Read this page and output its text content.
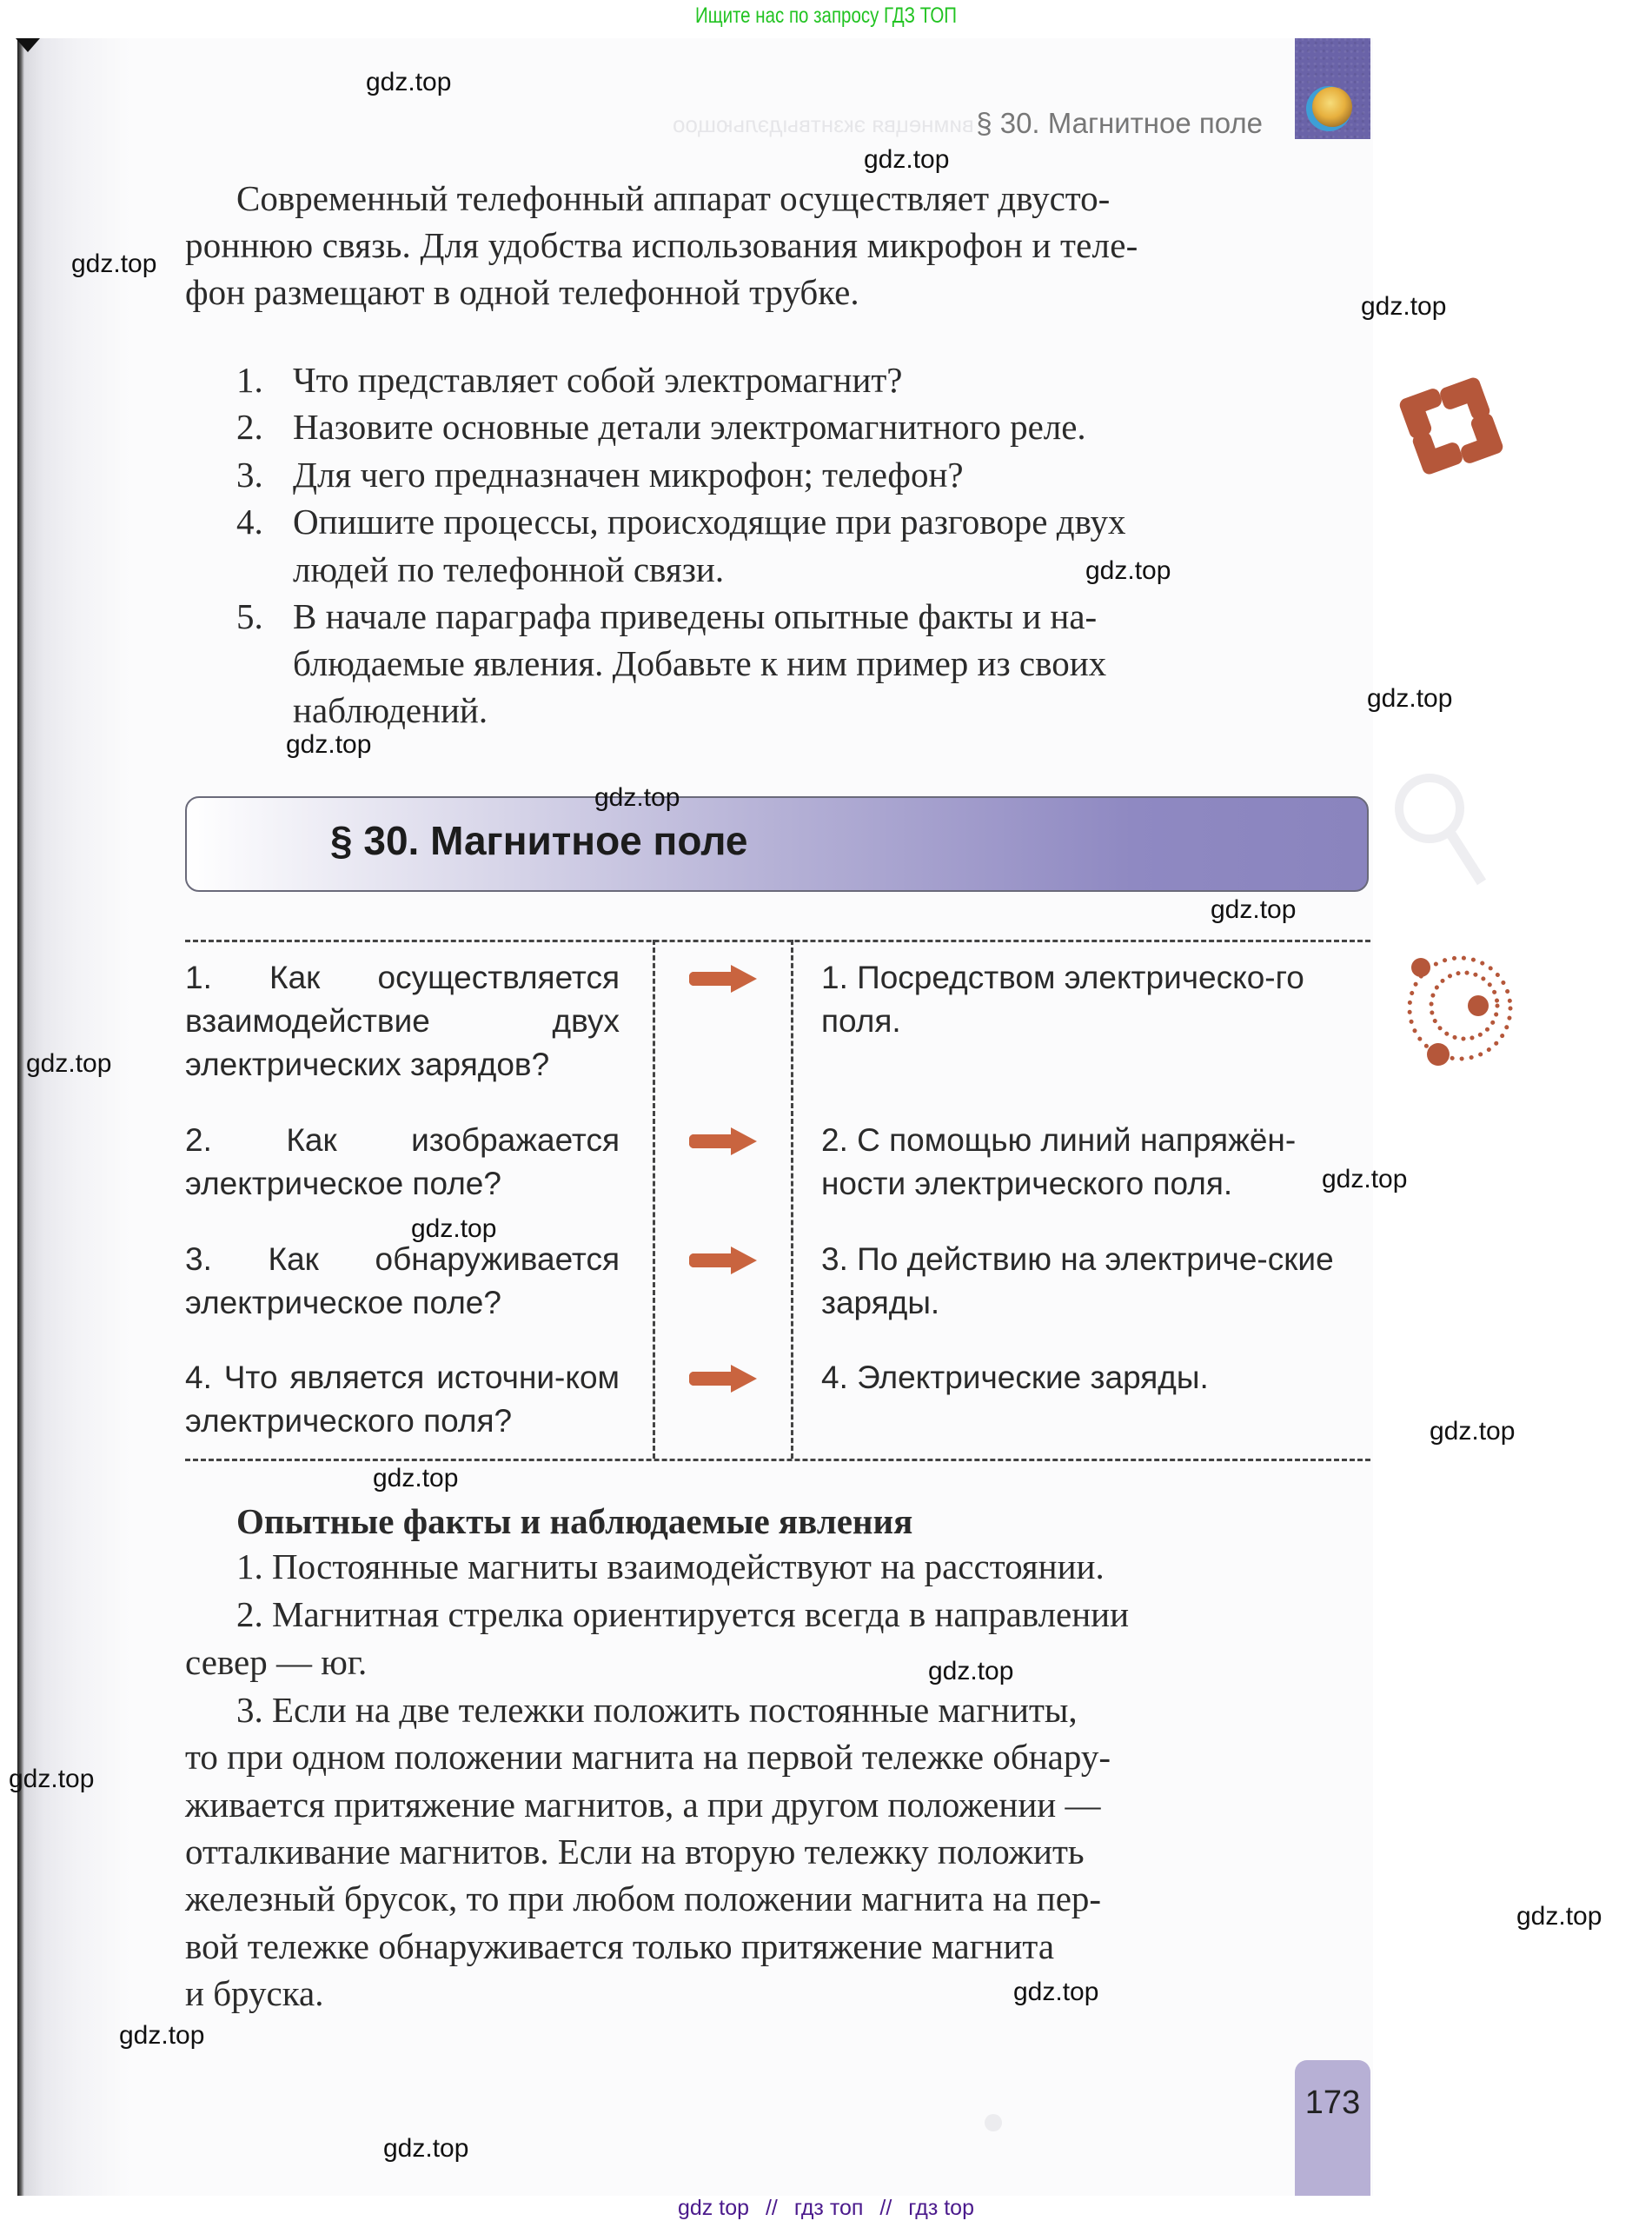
Ищите нас по запросу ГДЗ ТОП
вимнецвя экзнтвыдэльющоо § 30. Магнитное поле
Современный телефонный аппарат осуществляет двусто-
роннюю связь. Для удобства использования микрофон и теле-
фон размещают в одной телефонной трубке.
1. Что представляет собой электромагнит?
2. Назовите основные детали электромагнитного реле.
3. Для чего предназначен микрофон; телефон?
4. Опишите процессы, происходящие при разговоре двух
людей по телефонной связи.
5. В начале параграфа приведены опытные факты и на-
блюдаемые явления. Добавьте к ним пример из своих
наблюдений.
§ 30. Магнитное поле
1. Как осуществляется взаимодействие двух электрических зарядов?
1. Посредством электрическо-го поля.
2. Как изображается электрическое поле?
2. С помощью линий напряжён-ности электрического поля.
3. Как обнаруживается электрическое поле?
3. По действию на электриче-ские заряды.
4. Что является источни-ком электрического поля?
4. Электрические заряды.
Опытные факты и наблюдаемые явления
1. Постоянные магниты взаимодействуют на расстоянии.
2. Магнитная стрелка ориентируется всегда в направлении
север — юг.
3. Если на две тележки положить постоянные магниты,
то при одном положении магнита на первой тележке обнару-
живается притяжение магнитов, а при другом положении —
отталкивание магнитов. Если на вторую тележку положить
железный брусок, то при любом положении магнита на пер-
вой тележке обнаруживается только притяжение магнита
и бруска.
173
gdz.top
gdz.top
gdz.top
gdz.top
gdz.top
gdz.top
gdz.top
gdz.top
gdz.top
gdz.top
gdz.top
gdz.top
gdz.top
gdz.top
gdz.top
gdz.top
gdz.top
gdz.top
gdz.top
gdz.top
gdz top // гдз топ // гдз top
